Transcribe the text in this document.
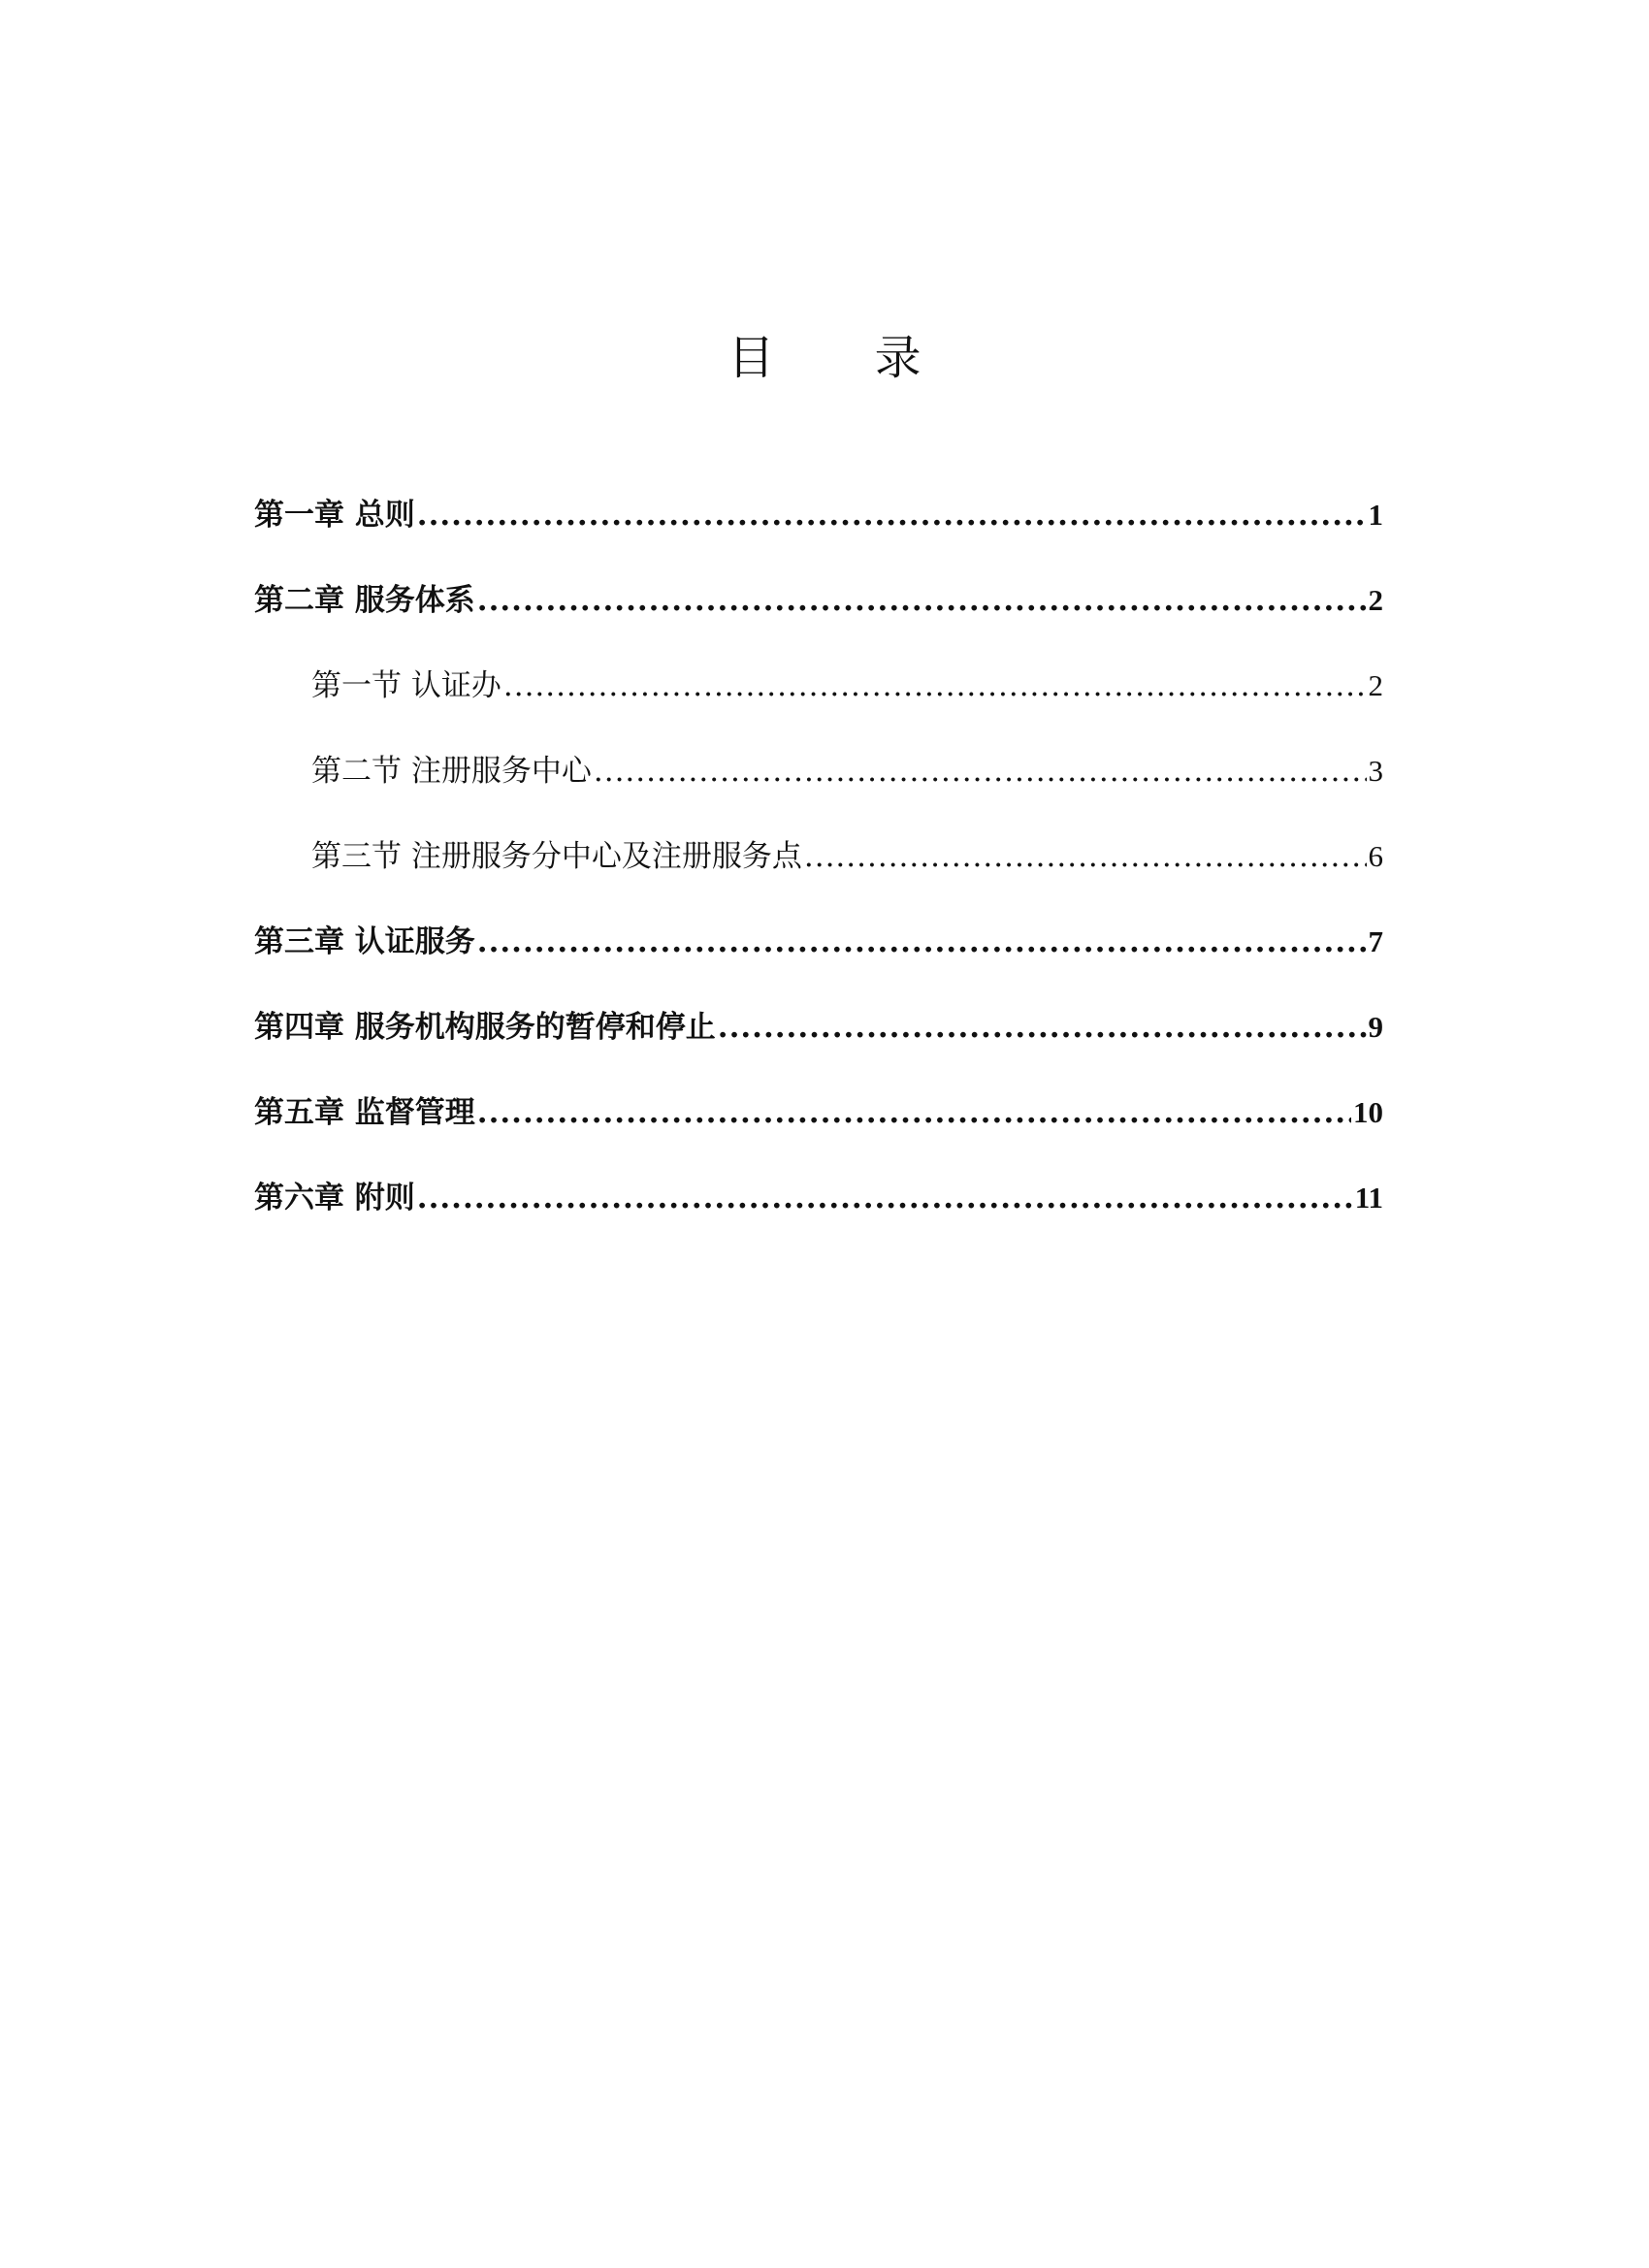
目 录
第一章 总则 .....	1
第二章 服务体系 .....	2
第一节 认证办 .....	2
第二节 注册服务中心 .....	3
第三节 注册服务分中心及注册服务点 .....	6
第三章 认证服务 .....	7
第四章 服务机构服务的暂停和停止 .....	9
第五章 监督管理 .....	10
第六章 附则 .....	11
